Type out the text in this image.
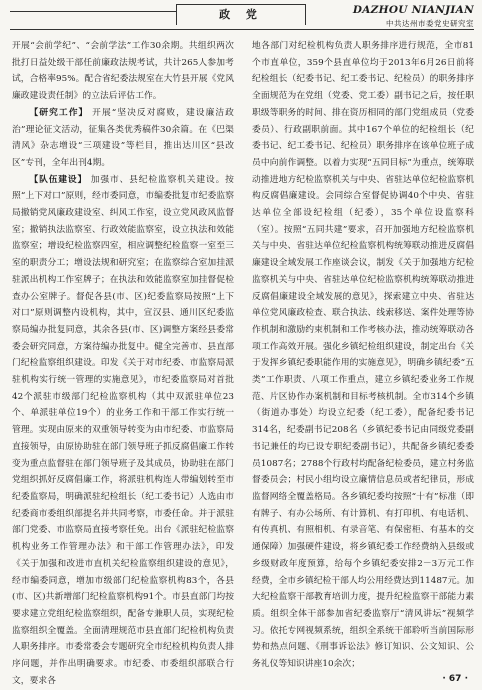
政 党	DAZHOU NIANJIAN
中共达州市委党史研究室

开展“会前学纪”、“会前学法”工作30余期。共组织两次批打日益处级干部任前廉政法规考试，共计265人参加考试，合格率95%。配合省纪委法规室在大竹县开展《党风廉政建设责任制》的立法后评估工作。

【研究工作】 开展“坚决反对腐败，建设廉洁政治”理论征文活动，征集各类优秀稿件30余篇。在《巴渠清风》杂志增设“三项建设”等栏目，推出达川区“县改区”专刊，全年出刊4期。

【队伍建设】 加强市、县纪检监察机关建设。按照“上下对口”原则，经市委同意，市编委批复市纪委监察局撤销党风廉政建设室、纠风工作室，设立党风政风监督室；撤销执法监察室、行政效能监察室，设立执法和效能监察室；增设纪检监察四室，相应调整纪检监察一室至三室的职责分工；增设法规和研究室；在监察综合室加挂派驻派出机构工作室牌子；在执法和效能监察室加挂督促检查办公室牌子。督促各县(市、区)纪委监察局按照“上下对口”原则调整内设机构，其中，宣汉县、通川区纪委监察局编办批复同意，其余各县(市、区)调整方案经县委常委会研究同意，方案待编办批复中。健全完善市、县直部门纪检监察组织建设。印发《关于对市纪委、市监察局派驻机构实行统一管理的实施意见》，市纪委监察局对首批42个派驻市级部门纪检监察机构（其中双派驻单位23个、单派驻单位19个）的业务工作和干部工作实行统一管理。实现由原来的双重领导转变为由市纪委、市监察局直接领导，由原协助驻在部门领导班子抓反腐倡廉工作转变为重点监督驻在部门领导班子及其成员，协助驻在部门党组织抓好反腐倡廉工作，将派驻机构连人带编划转至市纪委监察局，明确派驻纪检组长（纪工委书记）人选由市纪委商市委组织部提名并共同考察，市委任命。并于派驻部门党委、市监察局直接考察任免。出台《派驻纪检监察机构业务工作管理办法》和干部工作管理办法》，印发《关于加强和改进市直机关纪检监察组织建设的意见》，经市编委同意，增加市级部门纪检监察机构83个，各县(市、区)共新增部门纪检监察机构91个。市县直部门均按要求建立党组纪检监察组织，配备专兼职人员，实现纪检监察组织全覆盖。全面清理规范市县直部门纪检机构负责人职务排序。市委常委会专题研究全市纪检机构负责人排序问题，并作出明确要求。市纪委、市委组织部联合行文，要求各

地各部门对纪检机构负责人职务排序进行规范，全市81个市直单位，359个县直单位均于2013年6月26日前将纪检组长（纪委书记、纪工委书记、纪检员）的职务排序全面规范为在党组（党委、党工委）副书记之后，按任职职级等职务的时间、排在资历相同的部门党组成员（党委委员）、行政副职前面。其中167个单位的纪检组长（纪委书记、纪工委书记、纪检员）职务排序在该单位班子成员中向前作调整。以着力实现“五同目标”为重点，统筹联动推进地方纪检监察机关与中央、省驻达单位纪检监察机构反腐倡廉建设。会同综合室督促协调40个中央、省驻达单位全部设纪检组（纪委），35个单位设监察科（室）。按照“五同共建”要求，召开加强地方纪检监察机关与中央、省驻达单位纪检监察机构统筹联动推进反腐倡廉建设全域发展工作座谈会议，制发《关于加强地方纪检监察机关与中央、省驻达单位纪检监察机构统筹联动推进反腐倡廉建设全域发展的意见》，探索建立中央、省驻达单位党风廉政检查、联合执法、线索移送、案件处理等协作机制和激励约束机制和工作考核办法，推动统筹联动各项工作高效开展。强化乡镇纪检组织建设，制定出台《关于发挥乡镇纪委职能作用的实施意见》，明确乡镇纪委“五类”工作职责、八项工作重点，建立乡镇纪委业务工作规范、片区协作办案机制和目标考核机制。全市314个乡镇（街道办事处）均设立纪委（纪工委），配备纪委书记314名，纪委副书记208名（乡镇纪委书记由同级党委副书记兼任的均已设专职纪委副书记），共配备乡镇纪委委员1087名；2788个行政村均配备纪检委员，建立村务监督委员会；村民小组均设立廉情信息员或者纪律员，形成监督网络全覆盖格局。各乡镇纪委均按照“十有”标准（即有牌子、有办公场所、有计算机、有打印机、有电话机、有传真机、有照相机、有录音笔、有保密柜、有基本的交通保障）加强硬件建设，将乡镇纪委工作经费纳入县级或乡级财政年度预算，给每个乡镇纪委安排2－3万元工作经费，全市乡镇纪检干部人均公用经费达到11487元。加大纪检监察干部教育培训力度，提升纪检监察干部能力素质。组织全体干部参加省纪委监察厅“清风讲坛”视频学习。依托专网视频系统，组织全系统干部聆听当前国际形势和热点问题、《刑事诉讼法》修订知识、公文知识、公务礼仪等知识讲座10余次；

· 67 ·
